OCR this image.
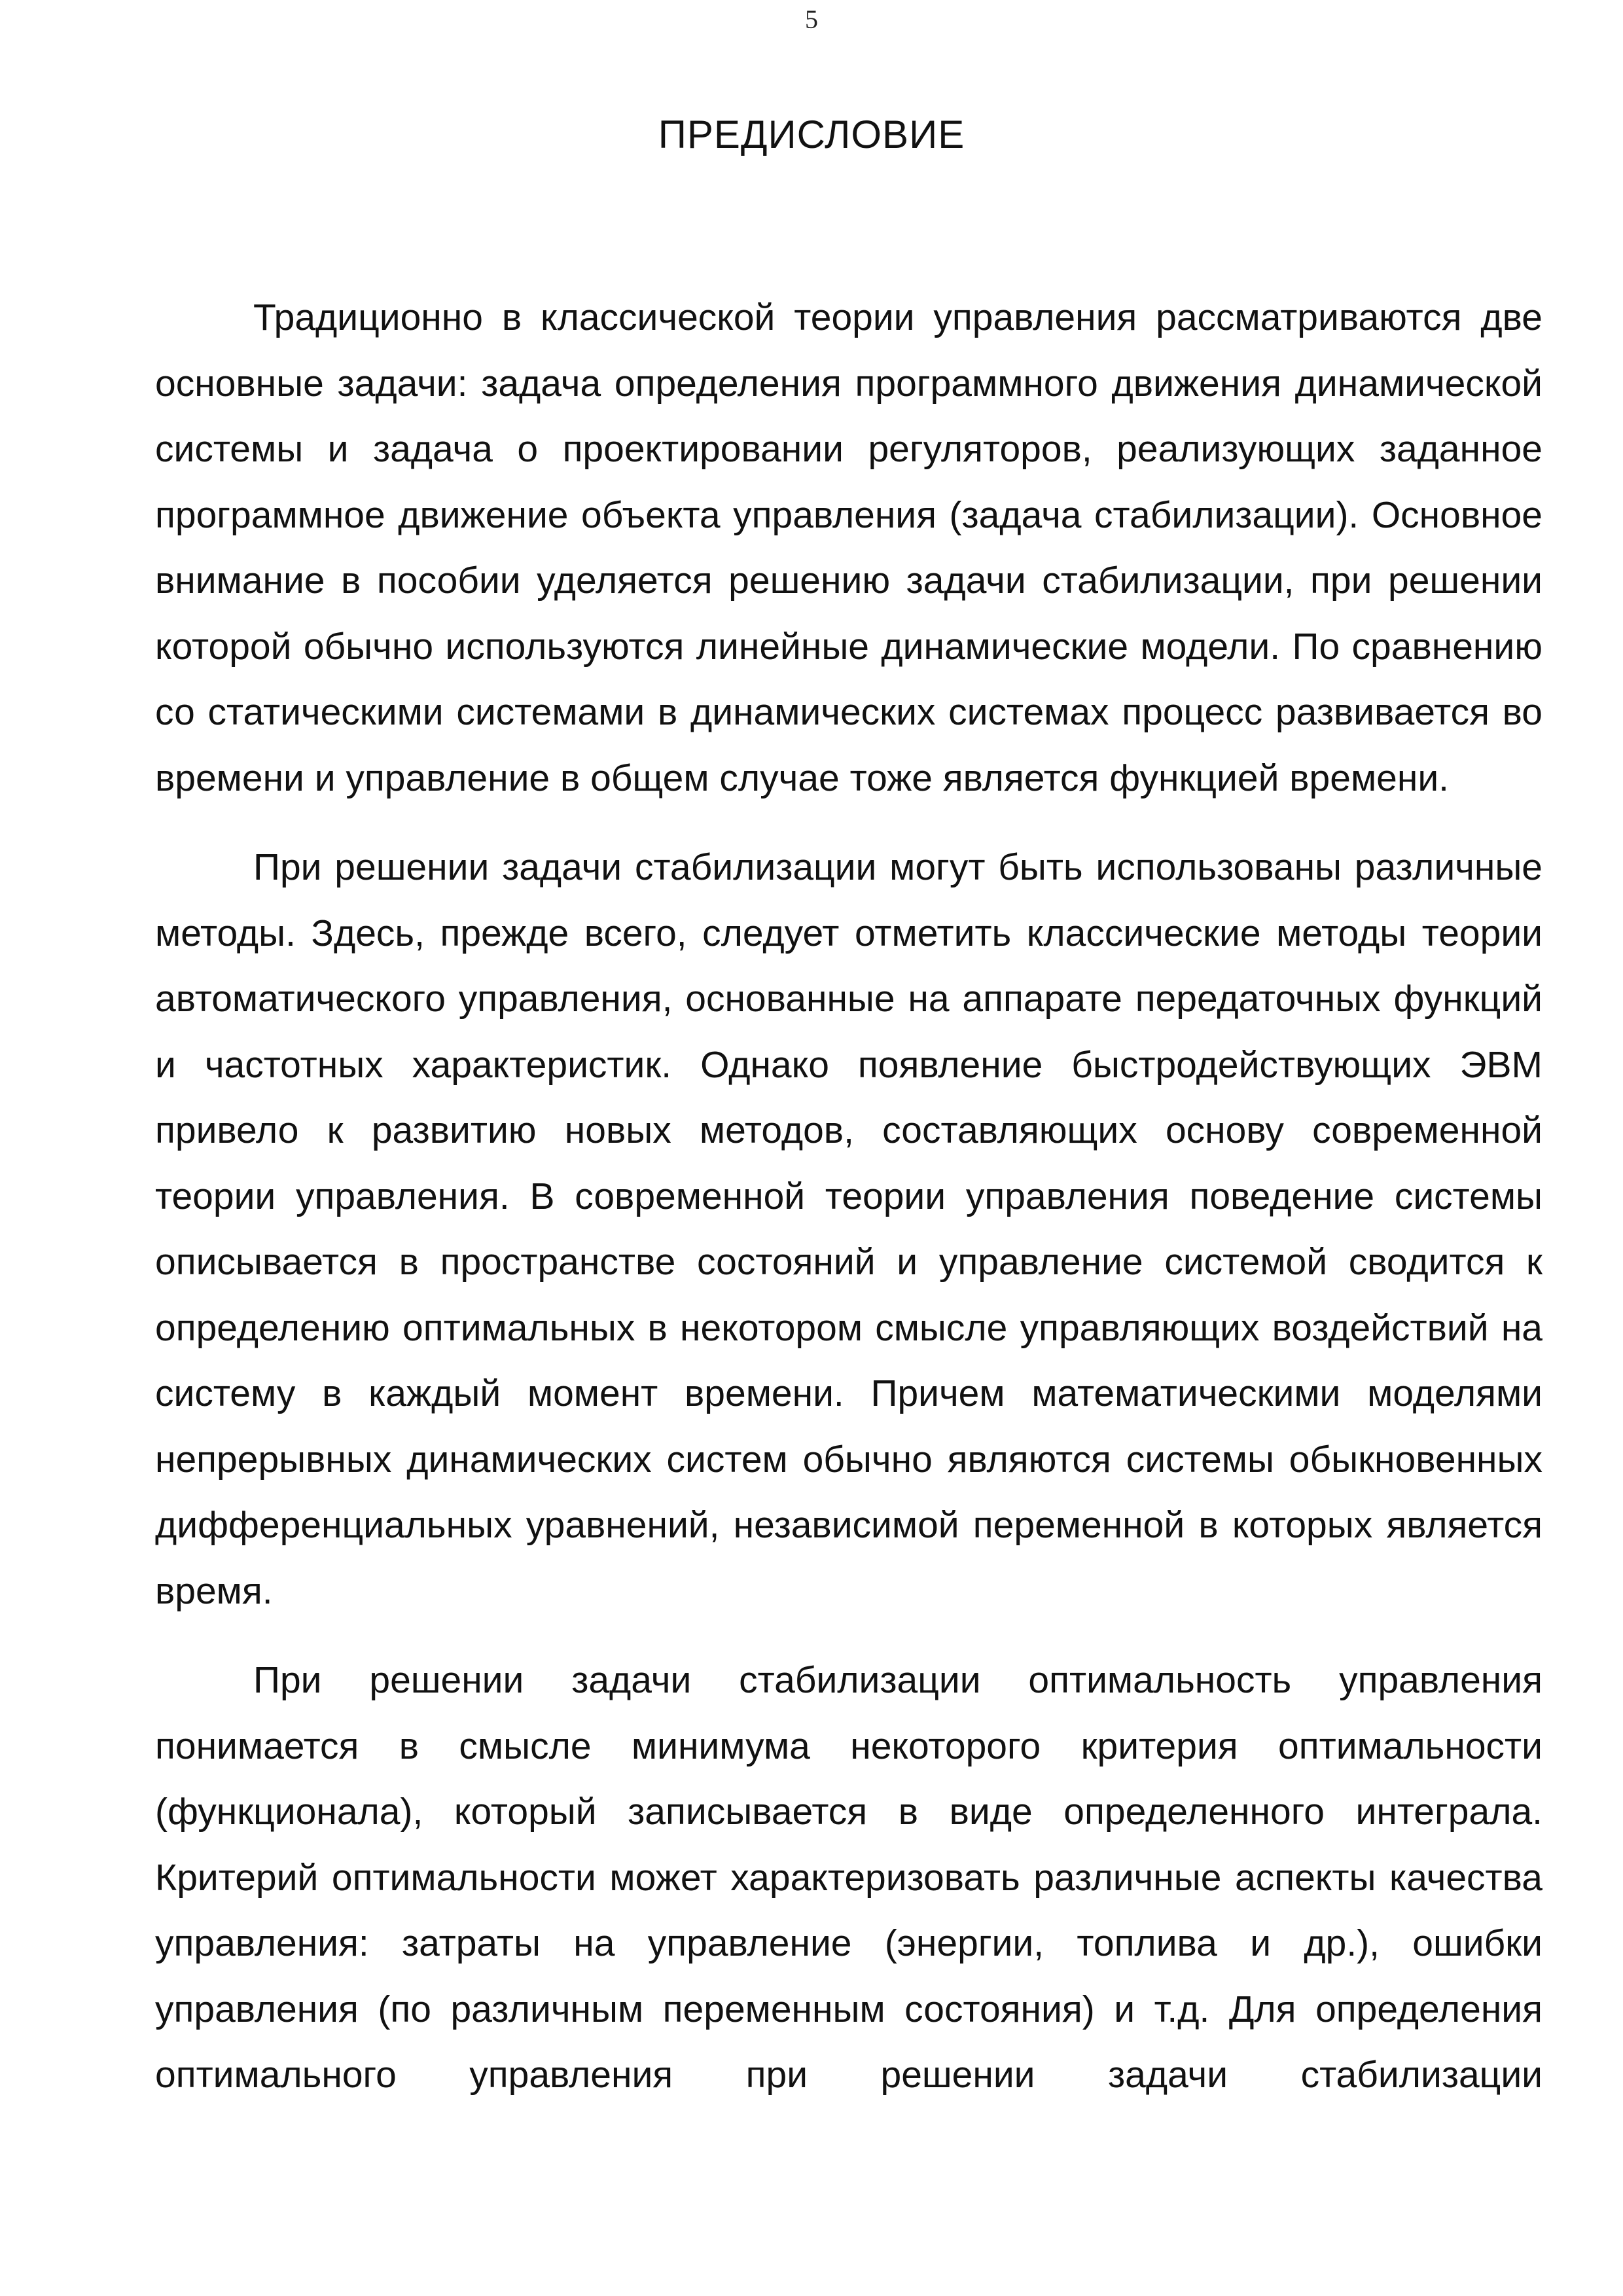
5
ПРЕДИСЛОВИЕ

Традиционно в классической теории управления рассматриваются две основные задачи: задача определения программного движения динамической системы и задача о проектировании регуляторов, реализующих заданное программное движение объекта управления (задача стабилизации). Основное внимание в пособии уделяется решению задачи стабилизации, при решении которой обычно используются линейные динамические модели. По сравнению со статическими системами в динамических системах процесс развивается во времени и управление в общем случае тоже является функцией времени.

При решении задачи стабилизации могут быть использованы различные методы. Здесь, прежде всего, следует отметить классические методы теории автоматического управления, основанные на аппарате передаточных функций и частотных характеристик. Однако появление быстродействующих ЭВМ привело к развитию новых методов, составляющих основу современной теории управления. В современной теории управления поведение системы описывается в пространстве состояний и управление системой сводится к определению оптимальных в некотором смысле управляющих воздействий на систему в каждый момент времени. Причем математическими моделями непрерывных динамических систем обычно являются системы обыкновенных дифференциальных уравнений, независимой переменной в которых является время.

При решении задачи стабилизации оптимальность управления понимается в смысле минимума некоторого критерия оптимальности (функционала), который записывается в виде определенного интеграла. Критерий оптимальности может характеризовать различные аспекты качества управления: затраты на управление (энергии, топлива и др.), ошибки управления (по различным переменным состояния) и т.д. Для определения оптимального управления при решении задачи стабилизации
